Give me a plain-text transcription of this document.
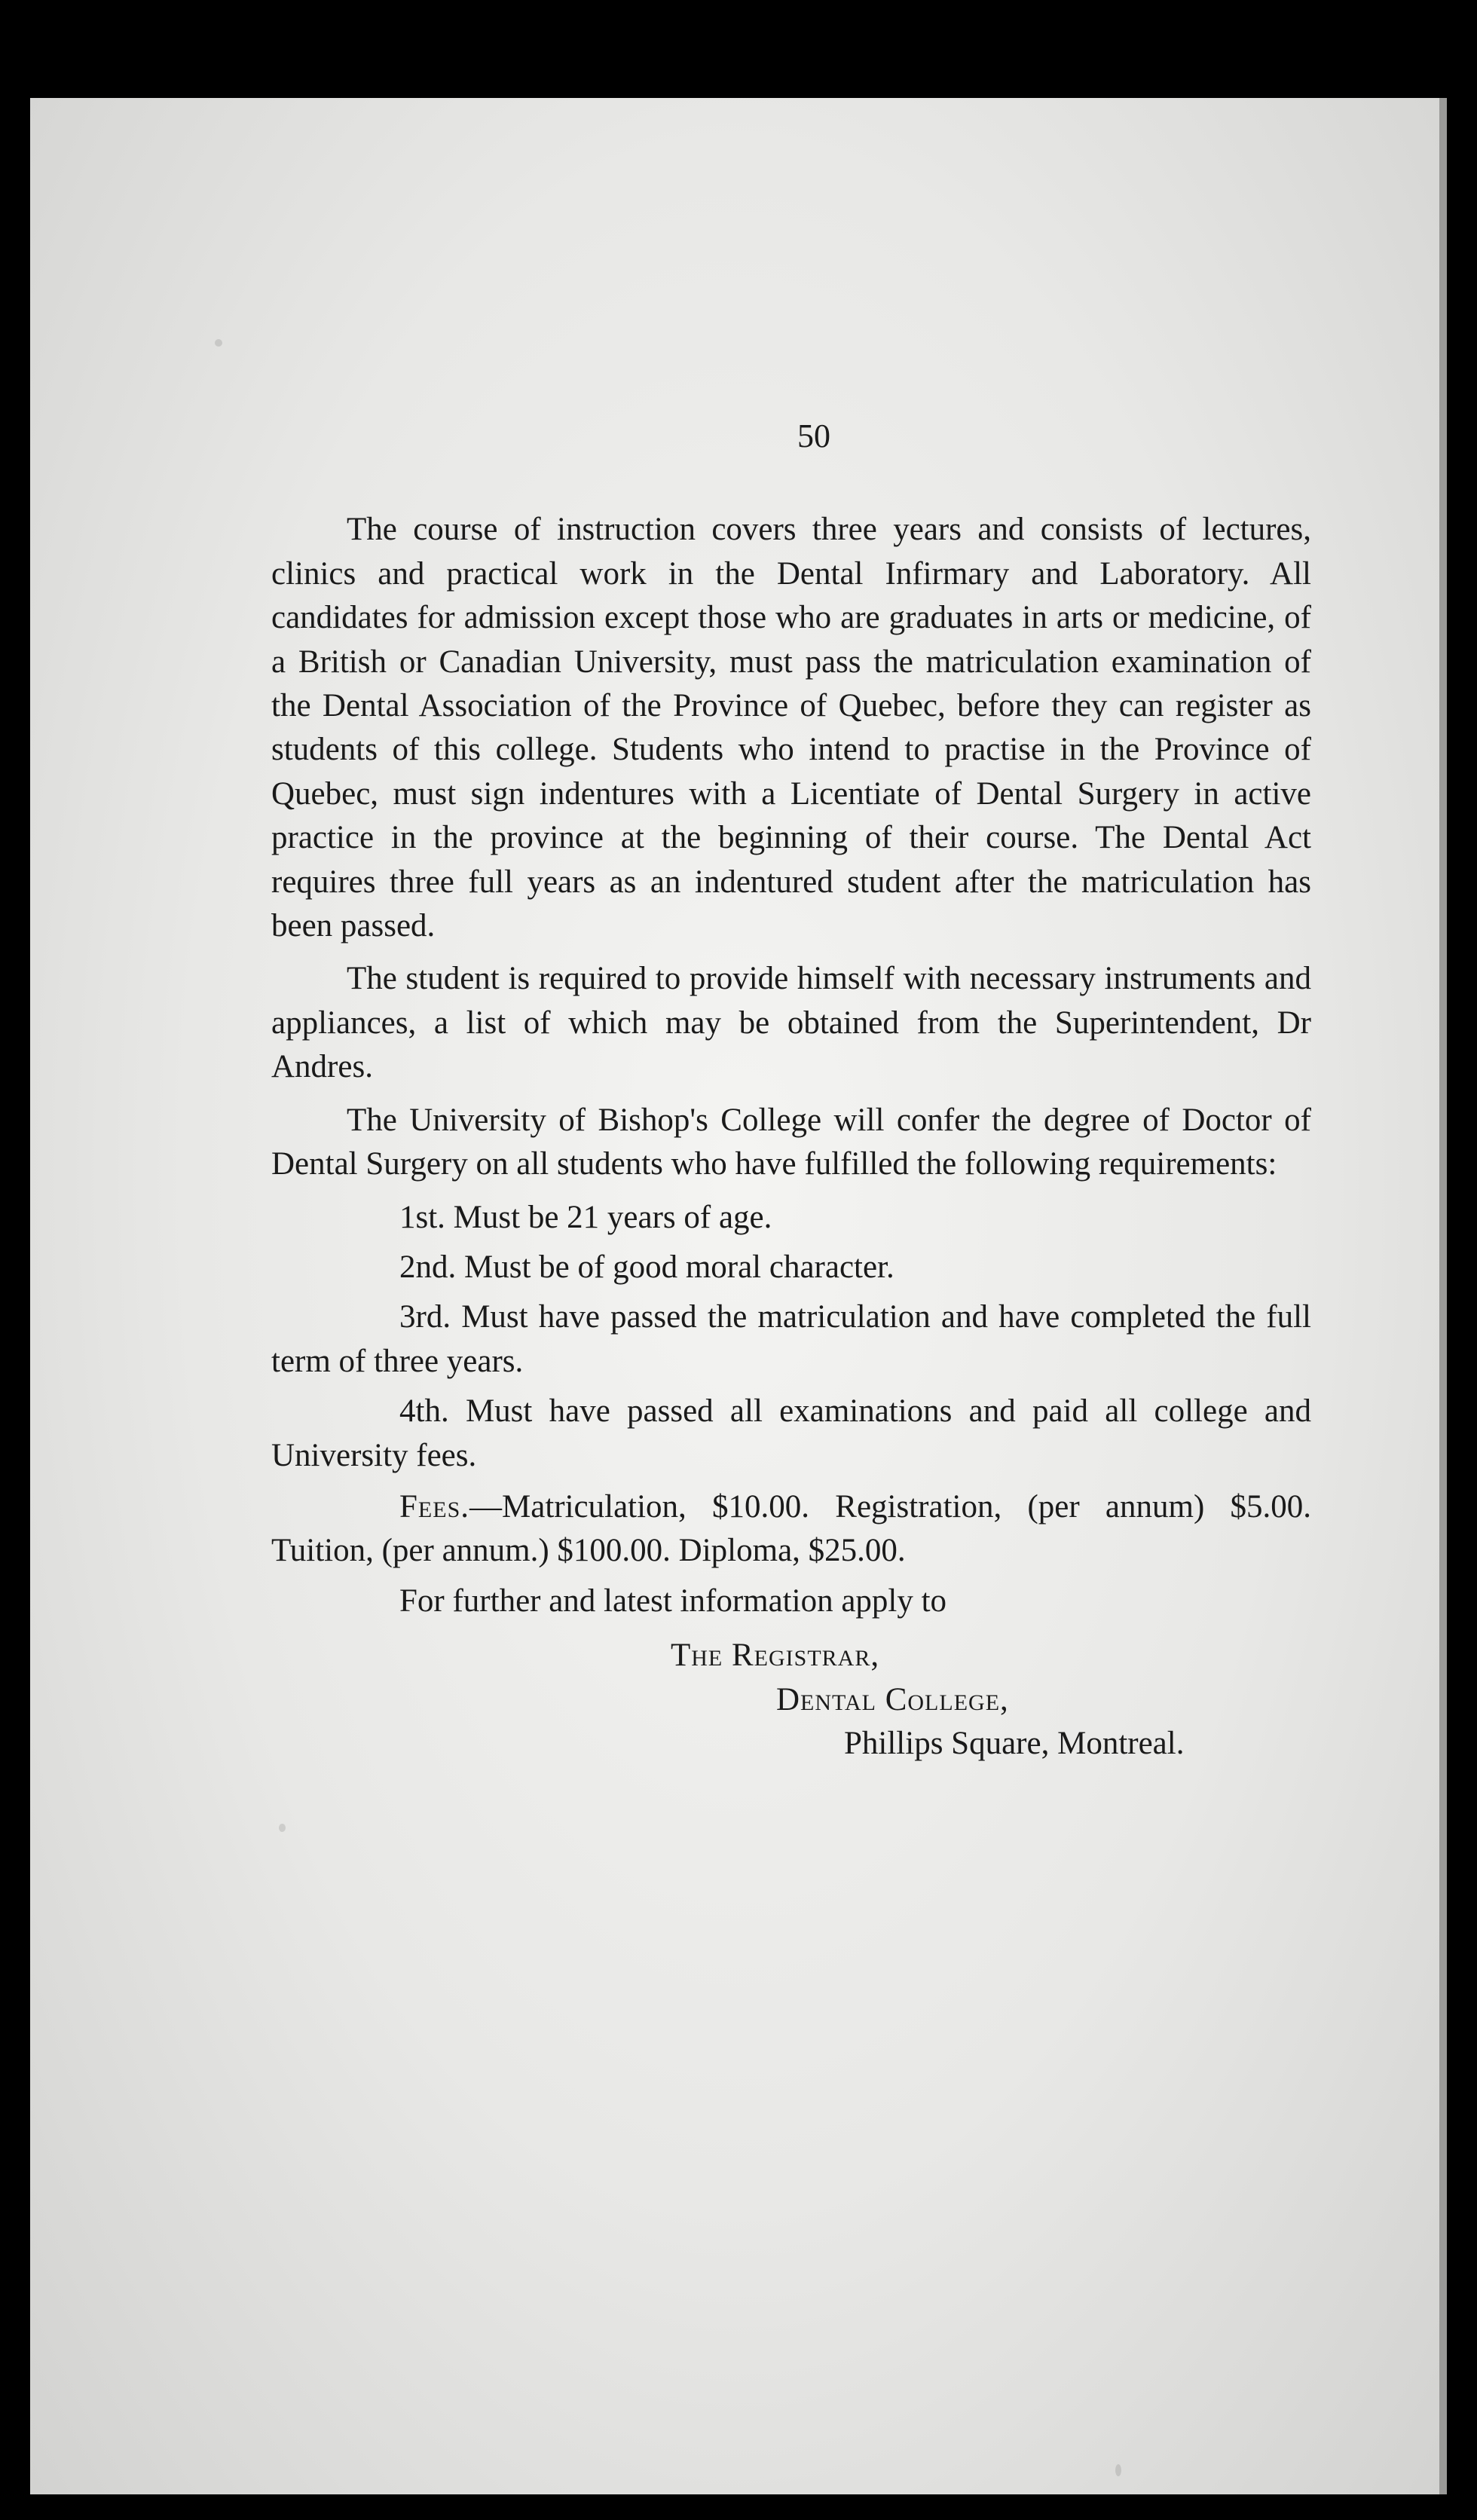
50

The course of instruction covers three years and consists of lectures, clinics and practical work in the Dental Infirmary and Laboratory. All candidates for admission except those who are graduates in arts or medicine, of a British or Canadian University, must pass the matriculation examination of the Dental Association of the Province of Quebec, before they can register as students of this college. Students who intend to practise in the Province of Quebec, must sign indentures with a Licentiate of Dental Surgery in active practice in the province at the beginning of their course. The Dental Act requires three full years as an indentured student after the matriculation has been passed.

The student is required to provide himself with necessary instruments and appliances, a list of which may be obtained from the Superintendent, Dr Andres.

The University of Bishop's College will confer the degree of Doctor of Dental Surgery on all students who have fulfilled the following requirements:

1st. Must be 21 years of age.

2nd. Must be of good moral character.

3rd. Must have passed the matriculation and have completed the full term of three years.

4th. Must have passed all examinations and paid all college and University fees.

Fees.—Matriculation, $10.00. Registration, (per annum) $5.00. Tuition, (per annum.) $100.00. Diploma, $25.00.

For further and latest information apply to

The Registrar,
Dental College,
Phillips Square, Montreal.
